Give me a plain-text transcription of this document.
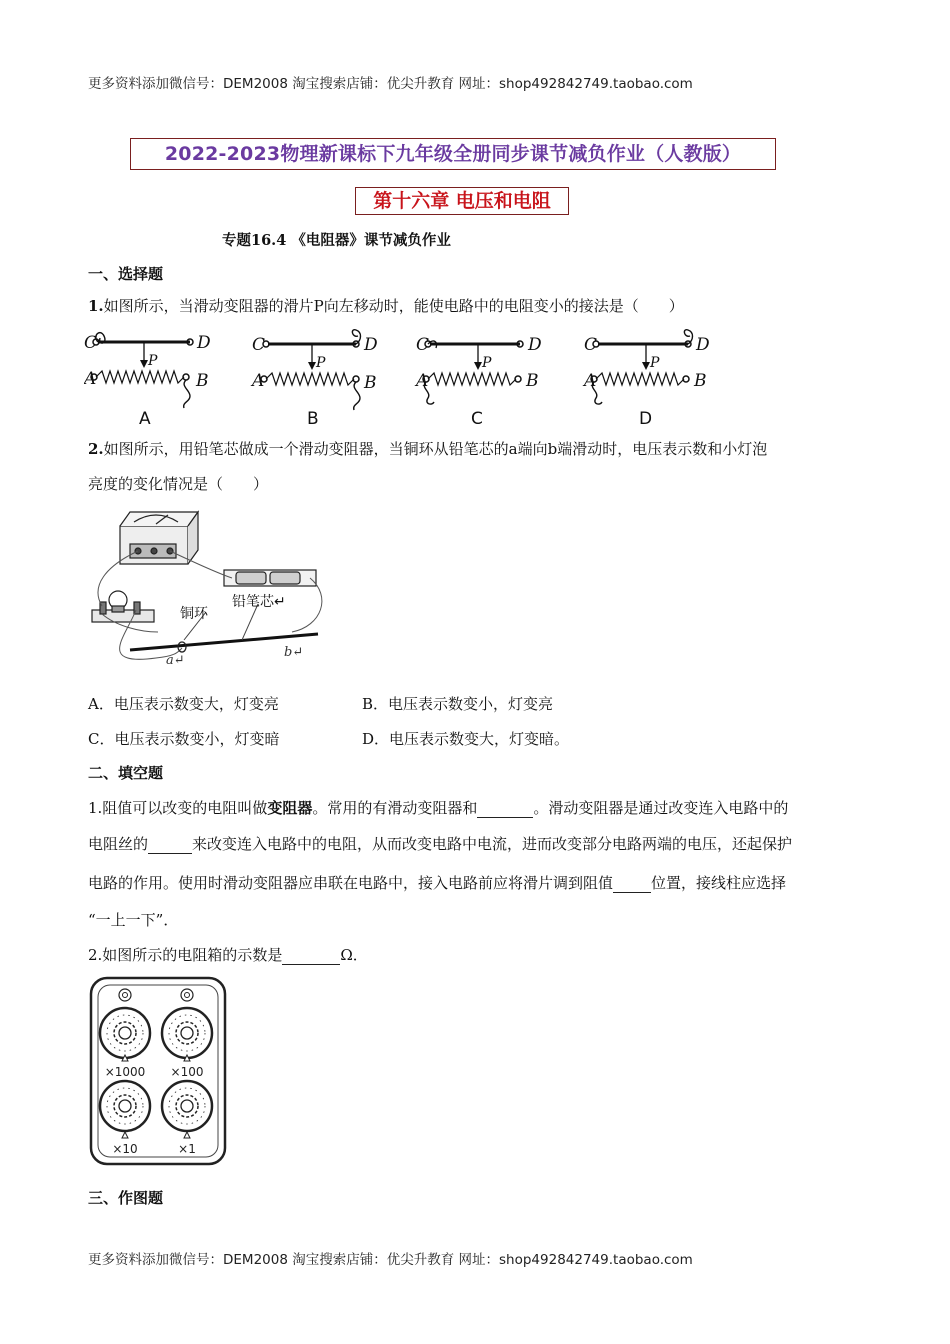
更多资料添加微信号：DEM2008 淘宝搜索店铺：优尖升教育 网址：shop492842749.taobao.com
2022-2023物理新课标下九年级全册同步课节减负作业（人教版）
第十六章 电压和电阻
专题16.4 《电阻器》课节减负作业
一、选择题
1.如图所示，当滑动变阻器的滑片P向左移动时，能使电路中的电阻变小的接法是（　　）
C	D
A	B
P
A
C	D
A	B
P
B
C	D
A	B
P
C
C	D
A	B
P
D
2.如图所示，用铅笔芯做成一个滑动变阻器，当铜环从铅笔芯的a端向b端滑动时，电压表示数和小灯泡
亮度的变化情况是（　　）
铜环
铅笔芯↵
a↵
b↵
A．电压表示数变大，灯变亮	B．电压表示数变小，灯变亮
C．电压表示数变小，灯变暗	D．电压表示数变大，灯变暗。
二、填空题
1.阻值可以改变的电阻叫做变阻器。常用的有滑动变阻器和	。滑动变阻器是通过改变连入电路中的
电阻丝的	来改变连入电路中的电阻，从而改变电路中电流，进而改变部分电路两端的电压，还起保护
电路的作用。使用时滑动变阻器应串联在电路中，接入电路前应将滑片调到阻值	位置，接线柱应选择
“一上一下”．
2.如图所示的电阻箱的示数是	Ω．
×1000 ×100
×10	×1
三、作图题
更多资料添加微信号：DEM2008 淘宝搜索店铺：优尖升教育 网址：shop492842749.taobao.com
